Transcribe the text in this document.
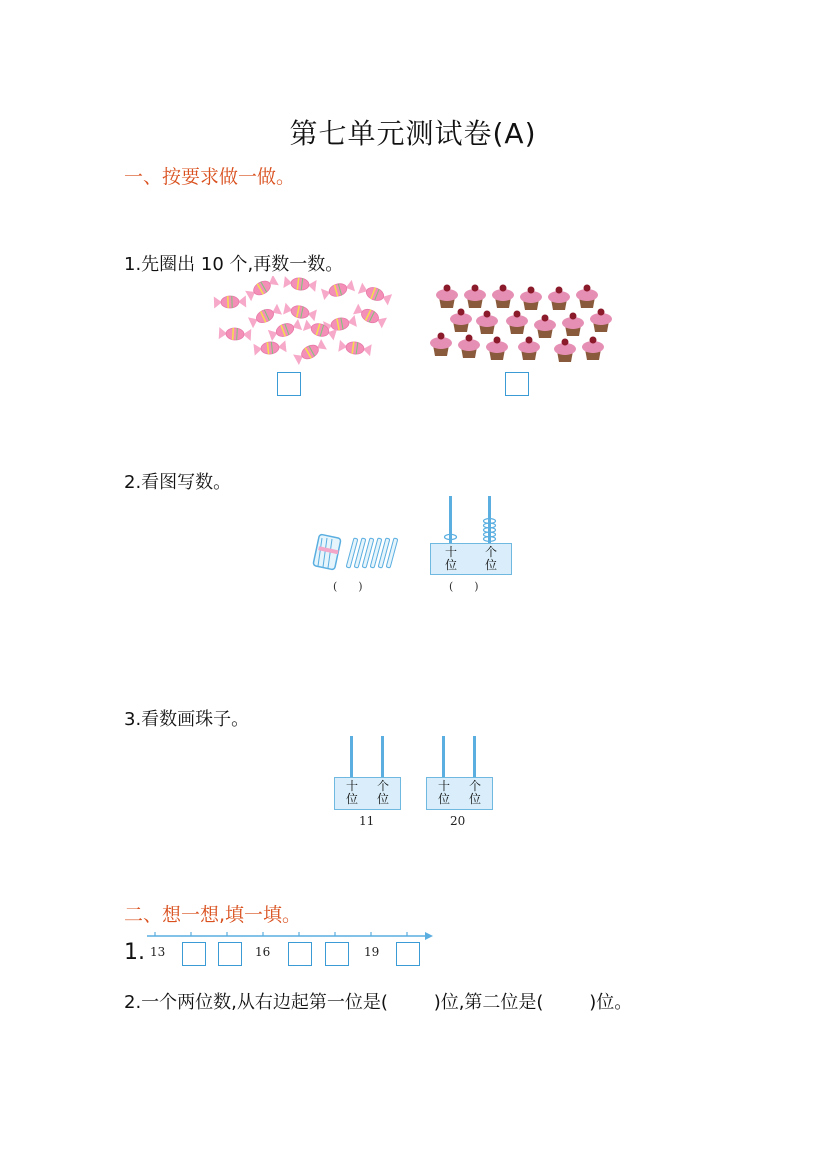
第七单元测试卷(A)
一、按要求做一做。
1.先圈出 10 个,再数一数。
2.看图写数。
(      )
十
位
个
位
(      )
3.看数画珠子。
十
位
个
位
11
十
位
个
位
20
二、想一想,填一填。
1. 13	16	19
2.一个两位数,从右边起第一位是(        )位,第二位是(        )位。
